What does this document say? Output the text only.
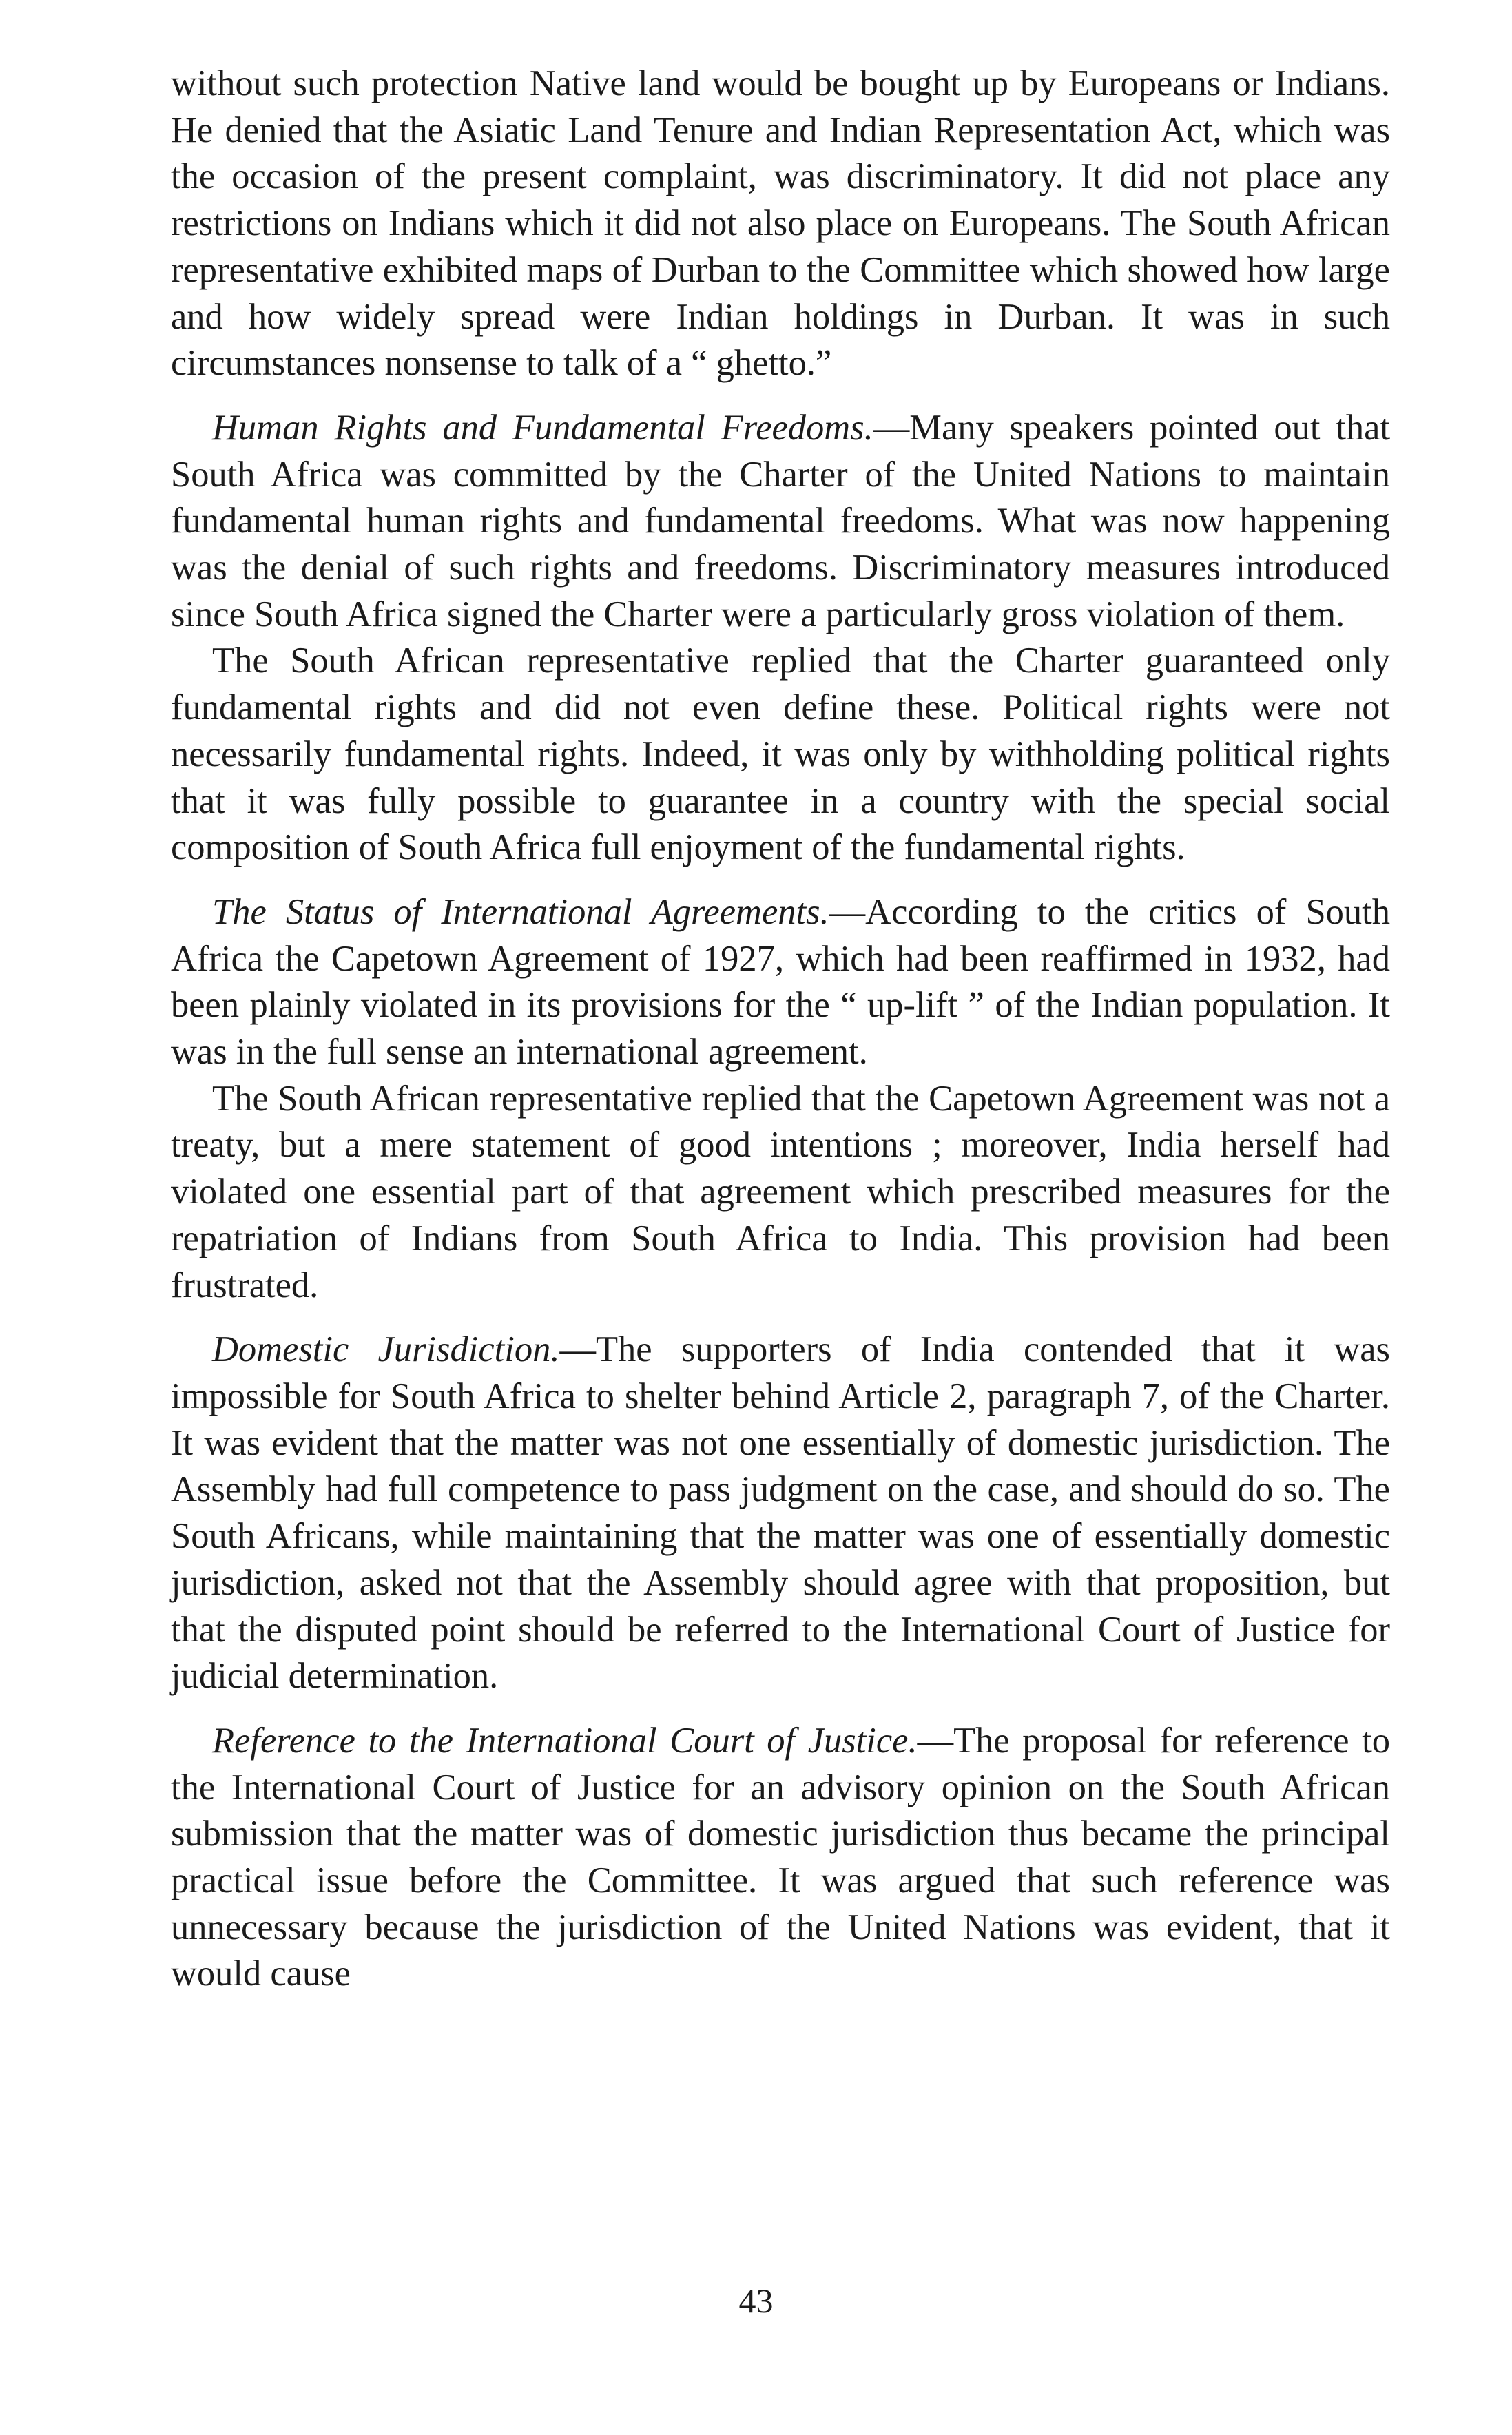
without such protection Native land would be bought up by Europeans or Indians. He denied that the Asiatic Land Tenure and Indian Representation Act, which was the occasion of the present complaint, was discriminatory. It did not place any restrictions on Indians which it did not also place on Europeans. The South African representative exhibited maps of Durban to the Committee which showed how large and how widely spread were Indian holdings in Durban. It was in such circumstances nonsense to talk of a “ ghetto.”

Human Rights and Fundamental Freedoms.—Many speakers pointed out that South Africa was committed by the Charter of the United Nations to maintain fundamental human rights and fundamental freedoms. What was now happening was the denial of such rights and freedoms. Discriminatory measures introduced since South Africa signed the Charter were a particularly gross violation of them.

The South African representative replied that the Charter guaranteed only fundamental rights and did not even define these. Political rights were not necessarily fundamental rights. Indeed, it was only by withholding political rights that it was fully possible to guarantee in a country with the special social composition of South Africa full enjoyment of the fundamental rights.

The Status of International Agreements.—According to the critics of South Africa the Capetown Agreement of 1927, which had been reaffirmed in 1932, had been plainly violated in its provisions for the “ up-lift ” of the Indian population. It was in the full sense an international agreement.

The South African representative replied that the Capetown Agreement was not a treaty, but a mere statement of good intentions ; moreover, India herself had violated one essential part of that agreement which prescribed measures for the repatriation of Indians from South Africa to India. This provision had been frustrated.

Domestic Jurisdiction.—The supporters of India contended that it was impossible for South Africa to shelter behind Article 2, paragraph 7, of the Charter. It was evident that the matter was not one essentially of domestic jurisdiction. The Assembly had full competence to pass judgment on the case, and should do so. The South Africans, while maintaining that the matter was one of essentially domestic jurisdiction, asked not that the Assembly should agree with that proposition, but that the disputed point should be referred to the International Court of Justice for judicial determination.

Reference to the International Court of Justice.—The proposal for reference to the International Court of Justice for an advisory opinion on the South African submission that the matter was of domestic jurisdiction thus became the principal practical issue before the Committee. It was argued that such reference was unnecessary because the jurisdiction of the United Nations was evident, that it would cause

43
